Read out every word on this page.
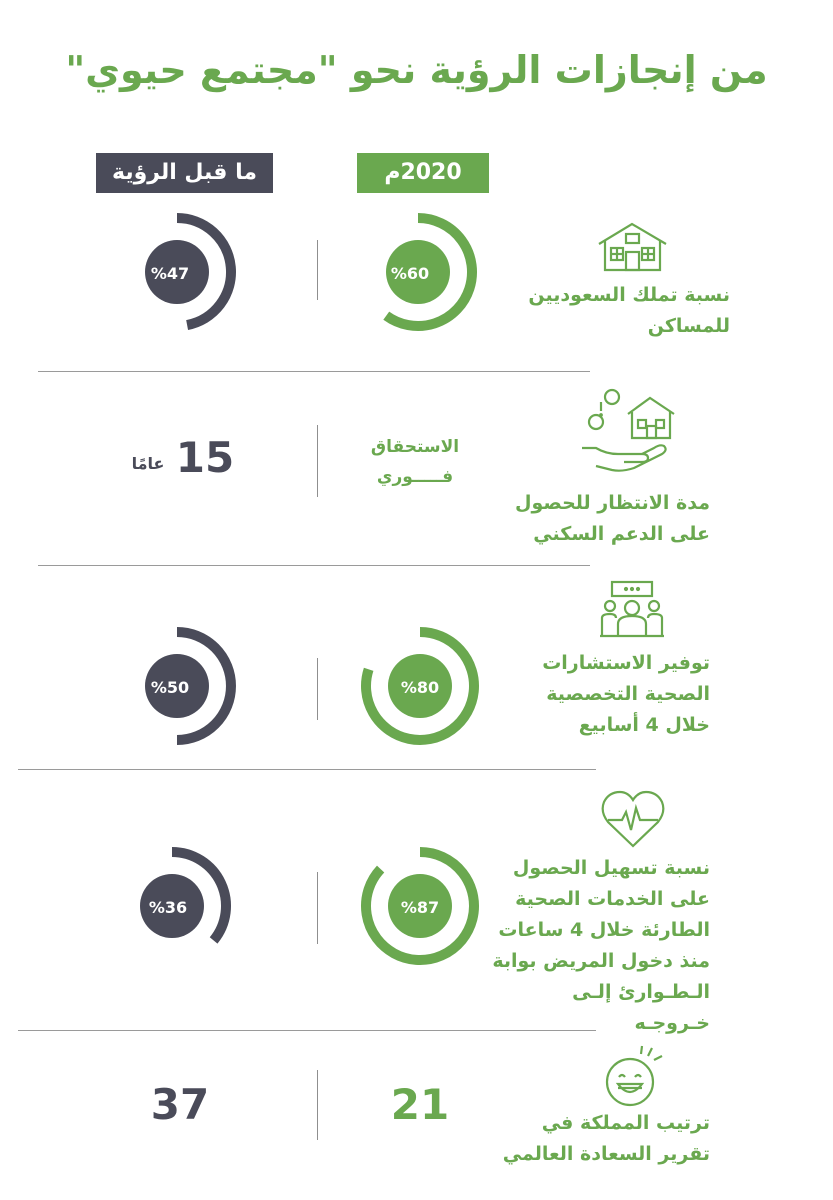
من إنجازات الرؤية نحو "مجتمع حيوي"
2020م
ما قبل الرؤية
نسبة تملك السعوديين
للمساكن
%60
%47
مدة الانتظار للحصول
على الدعم السكني
الاستحقاق
فـــــوري
15
عامًا
توفير الاستشارات
الصحية التخصصية
خلال 4 أسابيع
%80
%50
نسبة تسهيل الحصول
على الخدمات الصحية
الطارئة خلال 4 ساعات
منذ دخول المريض بوابة
الـطـوارئ إلـى خـروجـه
%87
%36
ترتيب المملكة في
تقرير السعادة العالمي
21
37
